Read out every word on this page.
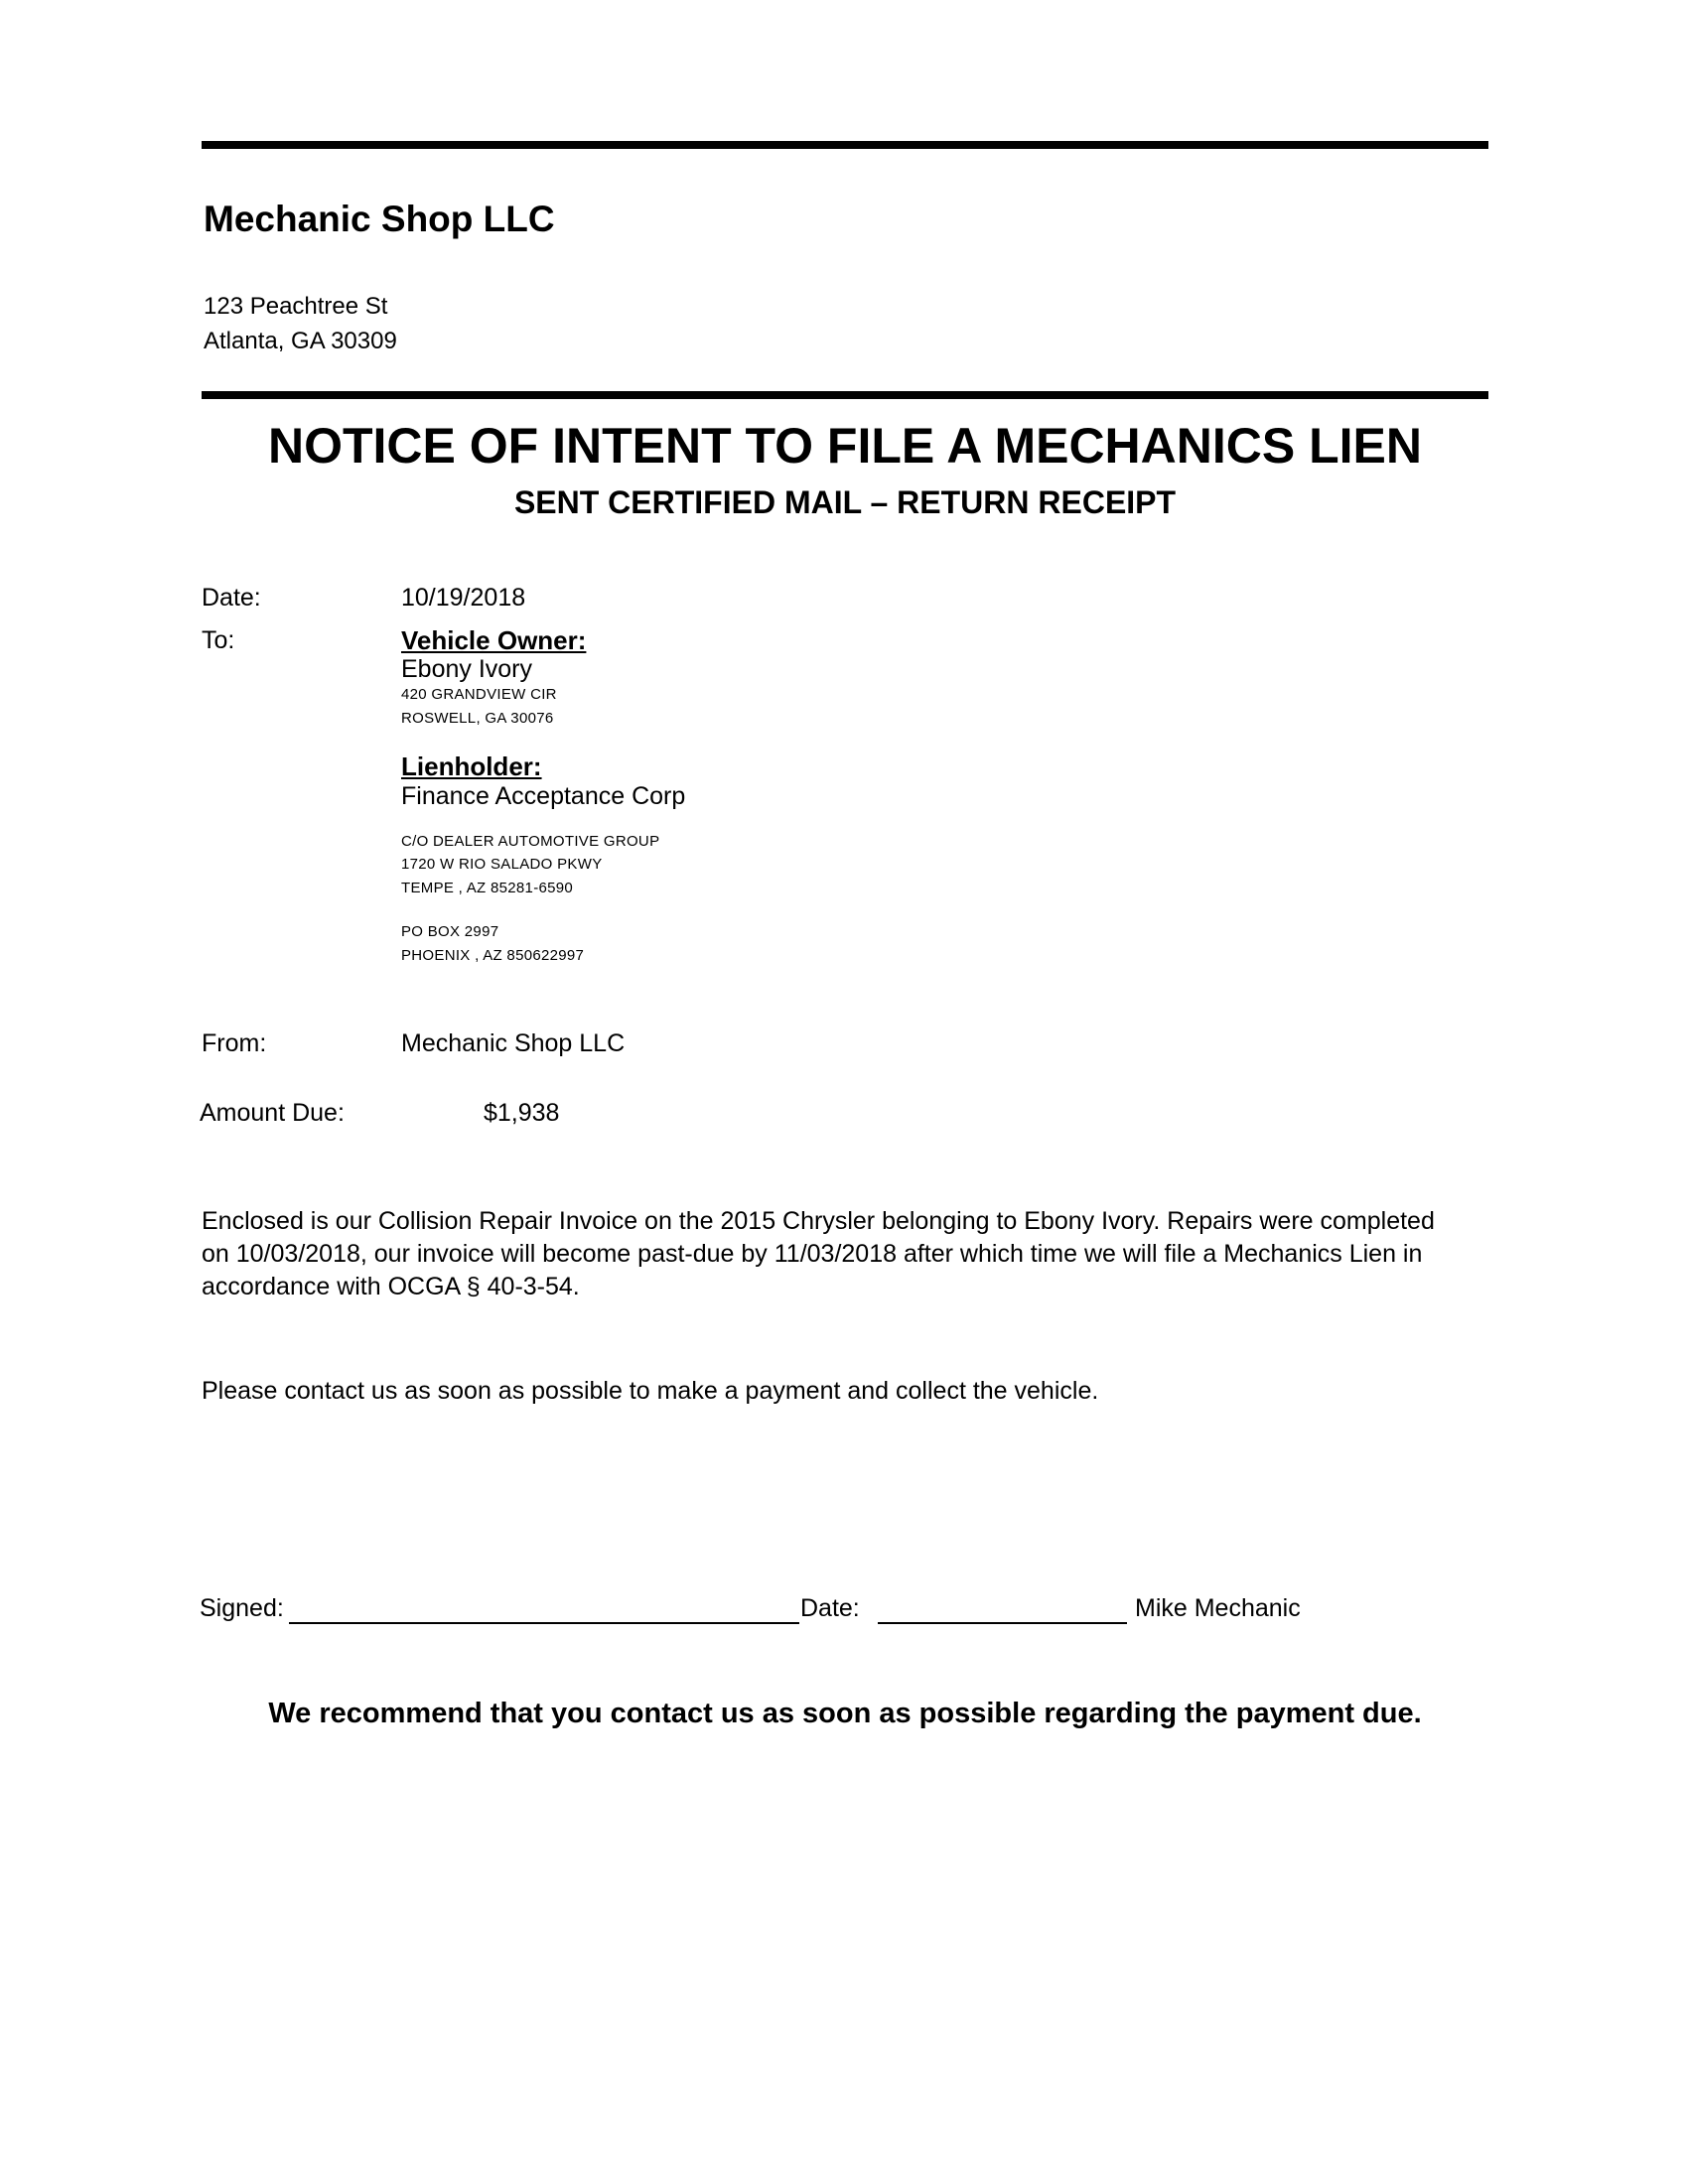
Mechanic Shop LLC
123 Peachtree St
Atlanta, GA 30309
NOTICE OF INTENT TO FILE A MECHANICS LIEN
SENT CERTIFIED MAIL – RETURN RECEIPT
Date:	10/19/2018
To:	Vehicle Owner:
Ebony Ivory
420 GRANDVIEW CIR
ROSWELL, GA 30076
Lienholder:
Finance Acceptance Corp
C/O DEALER AUTOMOTIVE GROUP
1720 W RIO SALADO PKWY
TEMPE , AZ 85281-6590
PO BOX 2997
PHOENIX , AZ 850622997
From:	Mechanic Shop LLC
Amount Due:	$1,938
Enclosed is our Collision Repair Invoice on the 2015 Chrysler belonging to Ebony Ivory. Repairs were completed on 10/03/2018, our invoice will become past-due by 11/03/2018 after which time we will file a Mechanics Lien in accordance with OCGA § 40-3-54.
Please contact us as soon as possible to make a payment and collect the vehicle.
Signed:	Date:	Mike Mechanic
We recommend that you contact us as soon as possible regarding the payment due.
